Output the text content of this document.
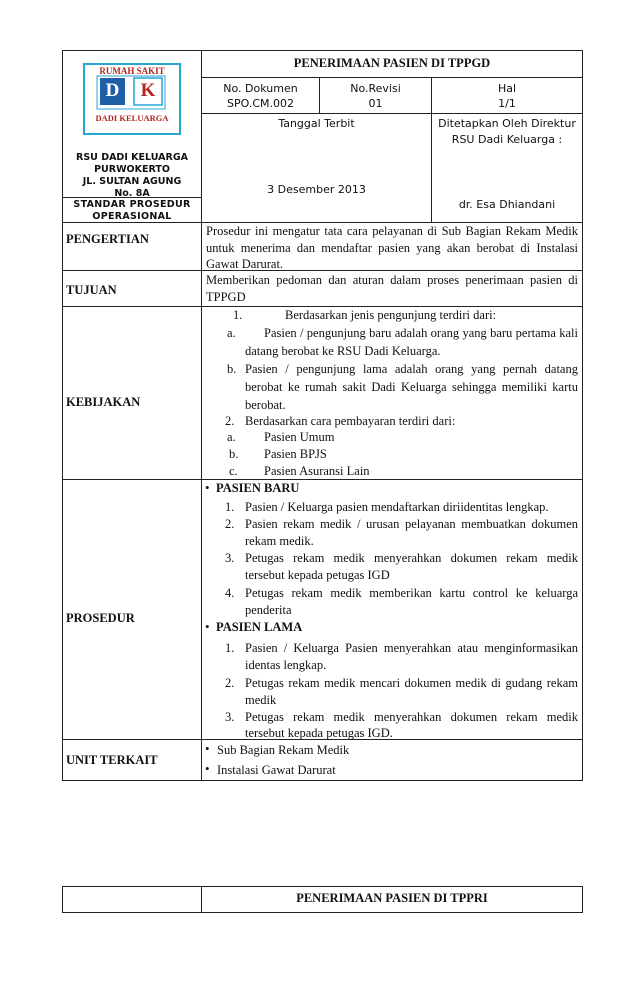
RUMAH SAKIT
D	K
DADI KELUARGA
RSU DADI KELUARGA
PURWOKERTO
JL. SULTAN AGUNG
No. 8A
STANDAR PROSEDUR OPERASIONAL
PENERIMAAN PASIEN DI TPPGD
No. Dokumen
SPO.CM.002
No.Revisi
01
Hal
1/1
Tanggal Terbit
3 Desember 2013
Ditetapkan Oleh Direktur
RSU Dadi Keluarga :
dr. Esa Dhiandani
PENGERTIAN
Prosedur ini mengatur tata cara pelayanan di Sub Bagian Rekam Medik
untuk menerima dan mendaftar pasien yang akan berobat di Instalasi
Gawat Darurat.
TUJUAN
Memberikan pedoman dan aturan dalam proses penerimaan pasien di
TPPGD
KEBIJAKAN
1.	Berdasarkan jenis pengunjung terdiri dari:
a. Pasien / pengunjung baru adalah orang yang baru pertama kali
datang berobat ke RSU Dadi Keluarga.
b. Pasien / pengunjung lama adalah orang yang pernah datang
berobat ke rumah sakit Dadi Keluarga sehingga memiliki kartu
berobat.
2. Berdasarkan cara pembayaran terdiri dari:
a. Pasien Umum
b. Pasien BPJS
c. Pasien Asuransi Lain
PROSEDUR
• PASIEN BARU
1. Pasien / Keluarga pasien mendaftarkan diriidentitas lengkap.
2. Pasien rekam medik / urusan pelayanan membuatkan dokumen
rekam medik.
3. Petugas rekam medik menyerahkan dokumen rekam medik
tersebut kepada petugas IGD
4. Petugas rekam medik memberikan kartu control ke keluarga
penderita
• PASIEN LAMA
1. Pasien / Keluarga Pasien menyerahkan atau menginformasikan
identas lengkap.
2. Petugas rekam medik mencari dokumen medik di gudang rekam
medik
3. Petugas rekam medik menyerahkan dokumen rekam medik
tersebut kepada petugas IGD.
UNIT TERKAIT
• Sub Bagian Rekam Medik
• Instalasi Gawat Darurat
PENERIMAAN PASIEN DI TPPRI
